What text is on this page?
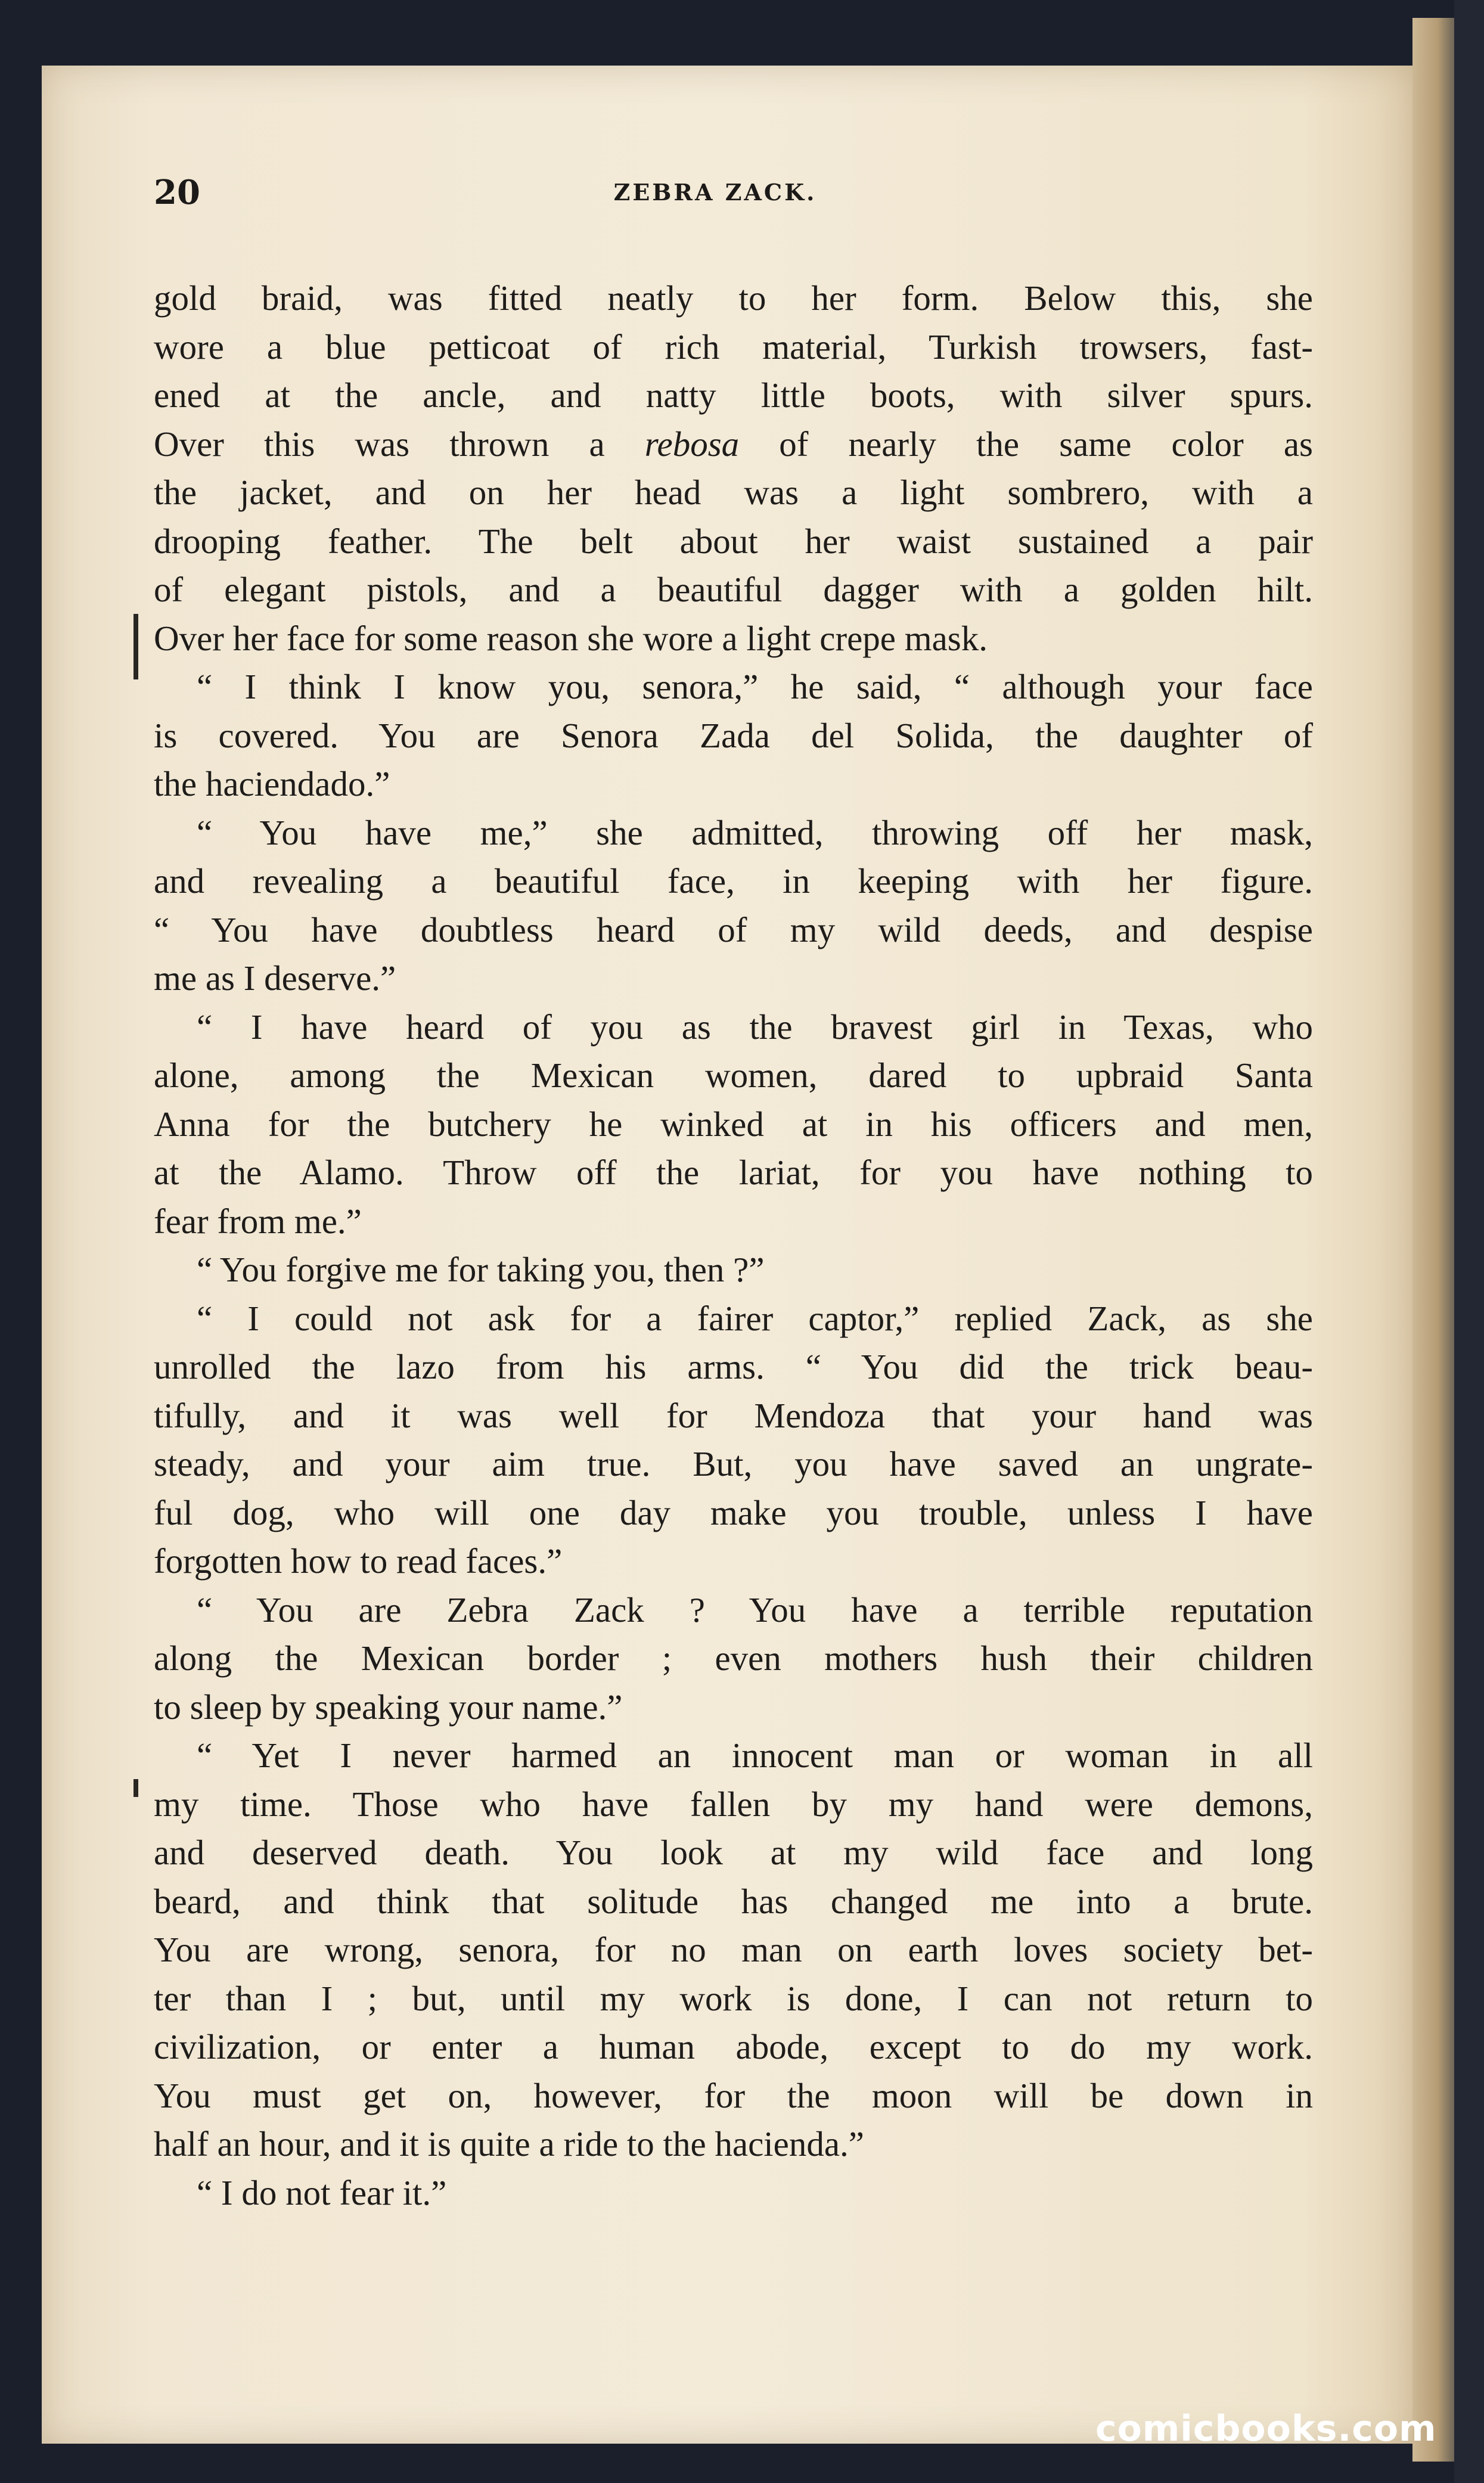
20	ZEBRA ZACK.

gold braid, was fitted neatly to her form. Below this, she

wore a blue petticoat of rich material, Turkish trowsers, fast-

ened at the ancle, and natty little boots, with silver spurs.

Over this was thrown a rebosa of nearly the same color as

the jacket, and on her head was a light sombrero, with a

drooping feather. The belt about her waist sustained a pair

of elegant pistols, and a beautiful dagger with a golden hilt.

Over her face for some reason she wore a light crepe mask.

“ I think I know you, senora,” he said, “ although your face

is covered. You are Senora Zada del Solida, the daughter of

the haciendado.”

“ You have me,” she admitted, throwing off her mask,

and revealing a beautiful face, in keeping with her figure.

“ You have doubtless heard of my wild deeds, and despise

me as I deserve.”

“ I have heard of you as the bravest girl in Texas, who

alone, among the Mexican women, dared to upbraid Santa

Anna for the butchery he winked at in his officers and men,

at the Alamo. Throw off the lariat, for you have nothing to

fear from me.”

“ You forgive me for taking you, then ?”

“ I could not ask for a fairer captor,” replied Zack, as she

unrolled the lazo from his arms. “ You did the trick beau-

tifully, and it was well for Mendoza that your hand was

steady, and your aim true. But, you have saved an ungrate-

ful dog, who will one day make you trouble, unless I have

forgotten how to read faces.”

“ You are Zebra Zack ? You have a terrible reputation

along the Mexican border ; even mothers hush their children

to sleep by speaking your name.”

“ Yet I never harmed an innocent man or woman in all

my time. Those who have fallen by my hand were demons,

and deserved death. You look at my wild face and long

beard, and think that solitude has changed me into a brute.

You are wrong, senora, for no man on earth loves society bet-

ter than I ; but, until my work is done, I can not return to

civilization, or enter a human abode, except to do my work.

You must get on, however, for the moon will be down in

half an hour, and it is quite a ride to the hacienda.”

“ I do not fear it.”

comicbooks.com
